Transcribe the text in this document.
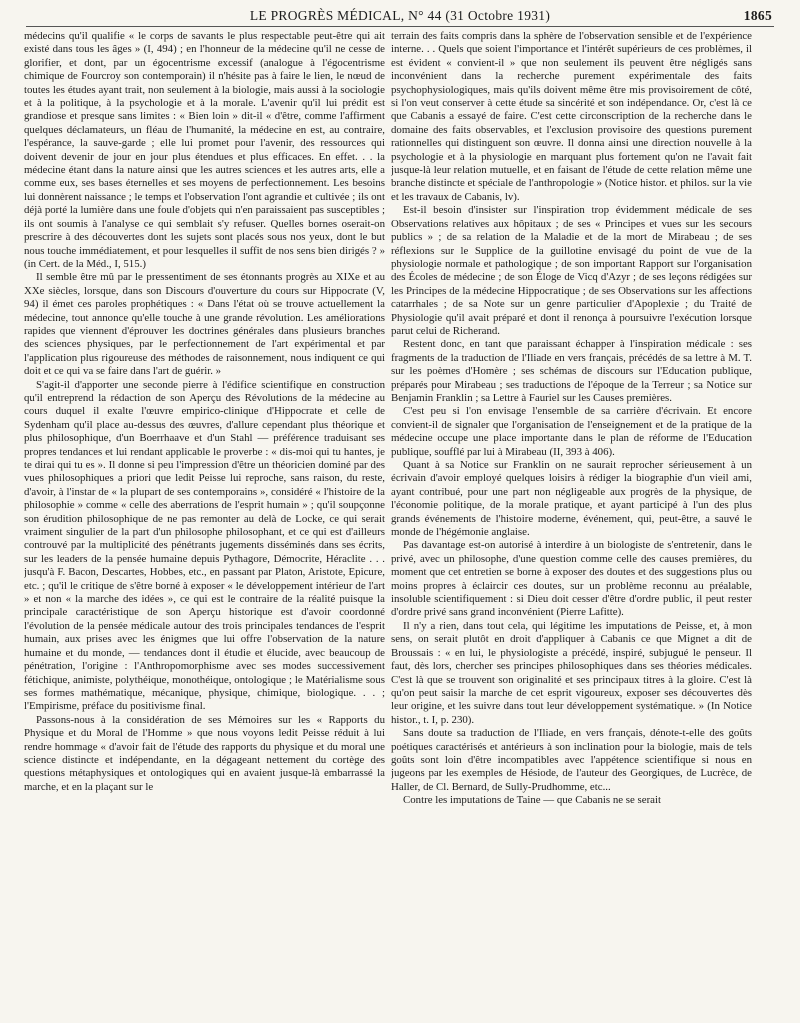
LE PROGRÈS MÉDICAL, N° 44 (31 Octobre 1931)	1865

médecins qu'il qualifie « le corps de savants le plus respectable peut-être qui ait existé dans tous les âges » (I, 494) ; en l'honneur de la médecine qu'il ne cesse de glorifier, et dont, par un égocentrisme excessif (analogue à l'égocentrisme chimique de Fourcroy son contemporain) il n'hésite pas à faire le lien, le nœud de toutes les études ayant trait, non seulement à la biologie, mais aussi à la sociologie et à la politique, à la psychologie et à la morale. L'avenir qu'il lui prédit est grandiose et presque sans limites : « Bien loin » dit-il « d'être, comme l'affirment quelques déclamateurs, un fléau de l'humanité, la médecine en est, au contraire, l'espérance, la sauve-garde ; elle lui promet pour l'avenir, des ressources qui doivent devenir de jour en jour plus étendues et plus efficaces. En effet. . . la médecine étant dans la nature ainsi que les autres sciences et les autres arts, elle a comme eux, ses bases éternelles et ses moyens de perfectionnement. Les besoins lui donnèrent naissance ; le temps et l'observation l'ont agrandie et cultivée ; ils ont déjà porté la lumière dans une foule d'objets qui n'en paraissaient pas susceptibles ; ils ont soumis à l'analyse ce qui semblait s'y refuser. Quelles bornes oserait-on prescrire à des découvertes dont les sujets sont placés sous nos yeux, dont le but nous touche immédiatement, et pour lesquelles il suffit de nos sens bien dirigés ? » (in Cert. de la Méd., I, 515.)

Il semble être mû par le pressentiment de ses étonnants progrès au XIXe et au XXe siècles, lorsque, dans son Discours d'ouverture du cours sur Hippocrate (V, 94) il émet ces paroles prophétiques : « Dans l'état où se trouve actuellement la médecine, tout annonce qu'elle touche à une grande révolution. Les améliorations rapides que viennent d'éprouver les doctrines générales dans plusieurs branches des sciences physiques, par le perfectionnement de l'art expérimental et par l'application plus rigoureuse des méthodes de raisonnement, nous indiquent ce qui doit et ce qui va se faire dans l'art de guérir. »

S'agit-il d'apporter une seconde pierre à l'édifice scientifique en construction qu'il entreprend la rédaction de son Aperçu des Révolutions de la médecine au cours duquel il exalte l'œuvre empirico-clinique d'Hippocrate et celle de Sydenham qu'il place au-dessus des œuvres, d'allure cependant plus théorique et plus philosophique, d'un Boerrhaave et d'un Stahl — préférence traduisant ses propres tendances et lui rendant applicable le proverbe : « dis-moi qui tu hantes, je te dirai qui tu es ». Il donne si peu l'impression d'être un théoricien dominé par des vues philosophiques a priori que ledit Peisse lui reproche, sans raison, du reste, d'avoir, à l'instar de « la plupart de ses contemporains », considéré « l'histoire de la philosophie » comme « celle des aberrations de l'esprit humain » ; qu'il soupçonne son érudition philosophique de ne pas remonter au delà de Locke, ce qui serait vraiment singulier de la part d'un philosophe philosophant, et ce qui est d'ailleurs controuvé par la multiplicité des pénétrants jugements disséminés dans ses écrits, sur les leaders de la pensée humaine depuis Pythagore, Démocrite, Héraclite . . . jusqu'à F. Bacon, Descartes, Hobbes, etc., en passant par Platon, Aristote, Epicure, etc. ; qu'il le critique de s'être borné à exposer « le développement intérieur de l'art » et non « la marche des idées », ce qui est le contraire de la réalité puisque la principale caractéristique de son Aperçu historique est d'avoir coordonné l'évolution de la pensée médicale autour des trois principales tendances de l'esprit humain, aux prises avec les énigmes que lui offre l'observation de la nature humaine et du monde, — tendances dont il étudie et élucide, avec beaucoup de pénétration, l'origine : l'Anthropomorphisme avec ses modes successivement fétichique, animiste, polythéique, monothéique, ontologique ; le Matérialisme sous ses formes mathématique, mécanique, physique, chimique, biologique. . . ; l'Empirisme, préface du positivisme final.

Passons-nous à la considération de ses Mémoires sur les « Rapports du Physique et du Moral de l'Homme » que nous voyons ledit Peisse réduit à lui rendre hommage « d'avoir fait de l'étude des rapports du physique et du moral une science distincte et indépendante, en la dégageant nettement du cortège des questions métaphysiques et ontologiques qui en avaient jusque-là embarrassé la marche, et en la plaçant sur le

terrain des faits compris dans la sphère de l'observation sensible et de l'expérience interne. . . Quels que soient l'importance et l'intérêt supérieurs de ces problèmes, il est évident « convient-il » que non seulement ils peuvent être négligés sans inconvénient dans la recherche purement expérimentale des faits psychophysiologiques, mais qu'ils doivent même être mis provisoirement de côté, si l'on veut conserver à cette étude sa sincérité et son indépendance. Or, c'est là ce que Cabanis a essayé de faire. C'est cette circonscription de la recherche dans le domaine des faits observables, et l'exclusion provisoire des questions purement rationnelles qui distinguent son œuvre. Il donna ainsi une direction nouvelle à la psychologie et à la physiologie en marquant plus fortement qu'on ne l'avait fait jusque-là leur relation mutuelle, et en faisant de l'étude de cette relation même une branche distincte et spéciale de l'anthropologie » (Notice histor. et philos. sur la vie et les travaux de Cabanis, lv).

Est-il besoin d'insister sur l'inspiration trop évidemment médicale de ses Observations relatives aux hôpitaux ; de ses « Principes et vues sur les secours publics » ; de sa relation de la Maladie et de la mort de Mirabeau ; de ses réflexions sur le Supplice de la guillotine envisagé du point de vue de la physiologie normale et pathologique ; de son important Rapport sur l'organisation des Écoles de médecine ; de son Éloge de Vicq d'Azyr ; de ses leçons rédigées sur les Principes de la médecine Hippocratique ; de ses Observations sur les affections catarrhales ; de sa Note sur un genre particulier d'Apoplexie ; du Traité de Physiologie qu'il avait préparé et dont il renonça à poursuivre l'exécution lorsque parut celui de Richerand.

Restent donc, en tant que paraissant échapper à l'inspiration médicale : ses fragments de la traduction de l'Iliade en vers français, précédés de sa lettre à M. T. sur les poèmes d'Homère ; ses schémas de discours sur l'Education publique, préparés pour Mirabeau ; ses traductions de l'époque de la Terreur ; sa Notice sur Benjamin Franklin ; sa Lettre à Fauriel sur les Causes premières.

C'est peu si l'on envisage l'ensemble de sa carrière d'écrivain. Et encore convient-il de signaler que l'organisation de l'enseignement et de la pratique de la médecine occupe une place importante dans le plan de réforme de l'Education publique, soufflé par lui à Mirabeau (II, 393 à 406).

Quant à sa Notice sur Franklin on ne saurait reprocher sérieusement à un écrivain d'avoir employé quelques loisirs à rédiger la biographie d'un vieil ami, ayant contribué, pour une part non négligeable aux progrès de la physique, de l'économie politique, de la morale pratique, et ayant participé à l'un des plus grands événements de l'histoire moderne, événement, qui, peut-être, a sauvé le monde de l'hégémonie anglaise.

Pas davantage est-on autorisé à interdire à un biologiste de s'entretenir, dans le privé, avec un philosophe, d'une question comme celle des causes premières, du moment que cet entretien se borne à exposer des doutes et des suggestions plus ou moins propres à éclaircir ces doutes, sur un problème reconnu au préalable, insoluble scientifiquement : si Dieu doit cesser d'être d'ordre public, il peut rester d'ordre privé sans grand inconvénient (Pierre Lafitte).

Il n'y a rien, dans tout cela, qui légitime les imputations de Peisse, et, à mon sens, on serait plutôt en droit d'appliquer à Cabanis ce que Mignet a dit de Broussais : « en lui, le physiologiste a précédé, inspiré, subjugué le penseur. Il faut, dès lors, chercher ses principes philosophiques dans ses théories médicales. C'est là que se trouvent son originalité et ses principaux titres à la gloire. C'est là qu'on peut saisir la marche de cet esprit vigoureux, exposer ses découvertes dès leur origine, et les suivre dans tout leur développement systématique. » (In Notice histor., t. I, p. 230).

Sans doute sa traduction de l'Iliade, en vers français, dénote-t-elle des goûts poétiques caractérisés et antérieurs à son inclination pour la biologie, mais de tels goûts sont loin d'être incompatibles avec l'appétence scientifique si nous en jugeons par les exemples de Hésiode, de l'auteur des Georgiques, de Lucrèce, de Haller, de Cl. Bernard, de Sully-Prudhomme, etc...

Contre les imputations de Taine — que Cabanis ne se serait
